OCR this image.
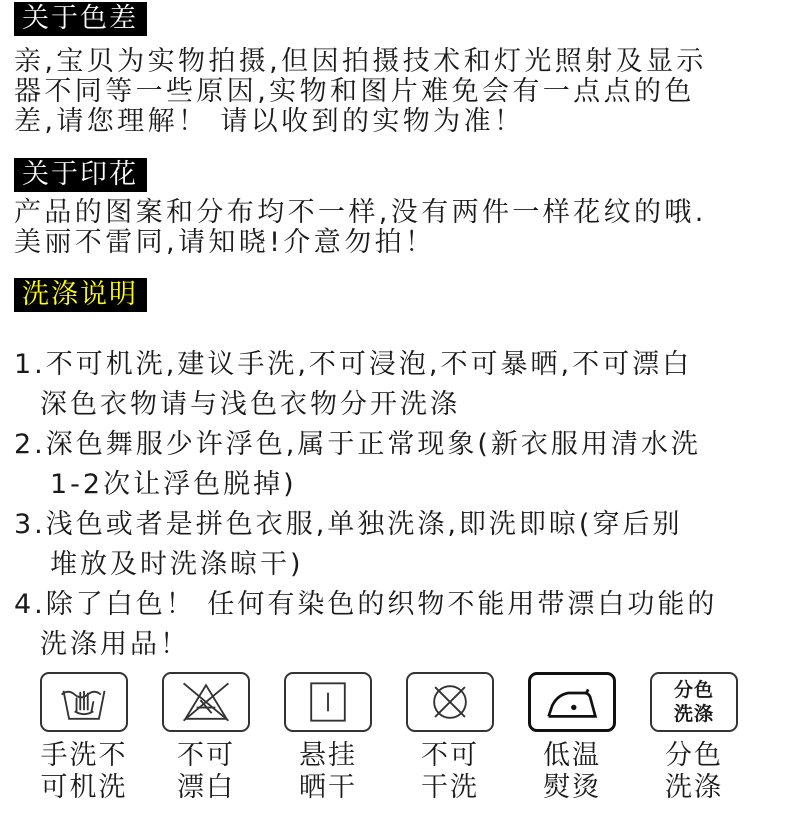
关于色差
亲,宝贝为实物拍摄,但因拍摄技术和灯光照射及显示
器不同等一些原因,实物和图片难免会有一点点的色
差,请您理解！ 请以收到的实物为准！
关于印花
产品的图案和分布均不一样,没有两件一样花纹的哦.
美丽不雷同,请知晓!介意勿拍！
洗涤说明
1.不可机洗,建议手洗,不可浸泡,不可暴晒,不可漂白
深色衣物请与浅色衣物分开洗涤
2.深色舞服少许浮色,属于正常现象(新衣服用清水洗
1-2次让浮色脱掉)
3.浅色或者是拼色衣服,单独洗涤,即洗即晾(穿后别
堆放及时洗涤晾干)
4.除了白色！ 任何有染色的织物不能用带漂白功能的
洗涤用品！
手洗不
可机洗
不可
漂白
悬挂
晒干
不可
干洗
低温
熨烫
分色
洗涤
分色
洗涤
